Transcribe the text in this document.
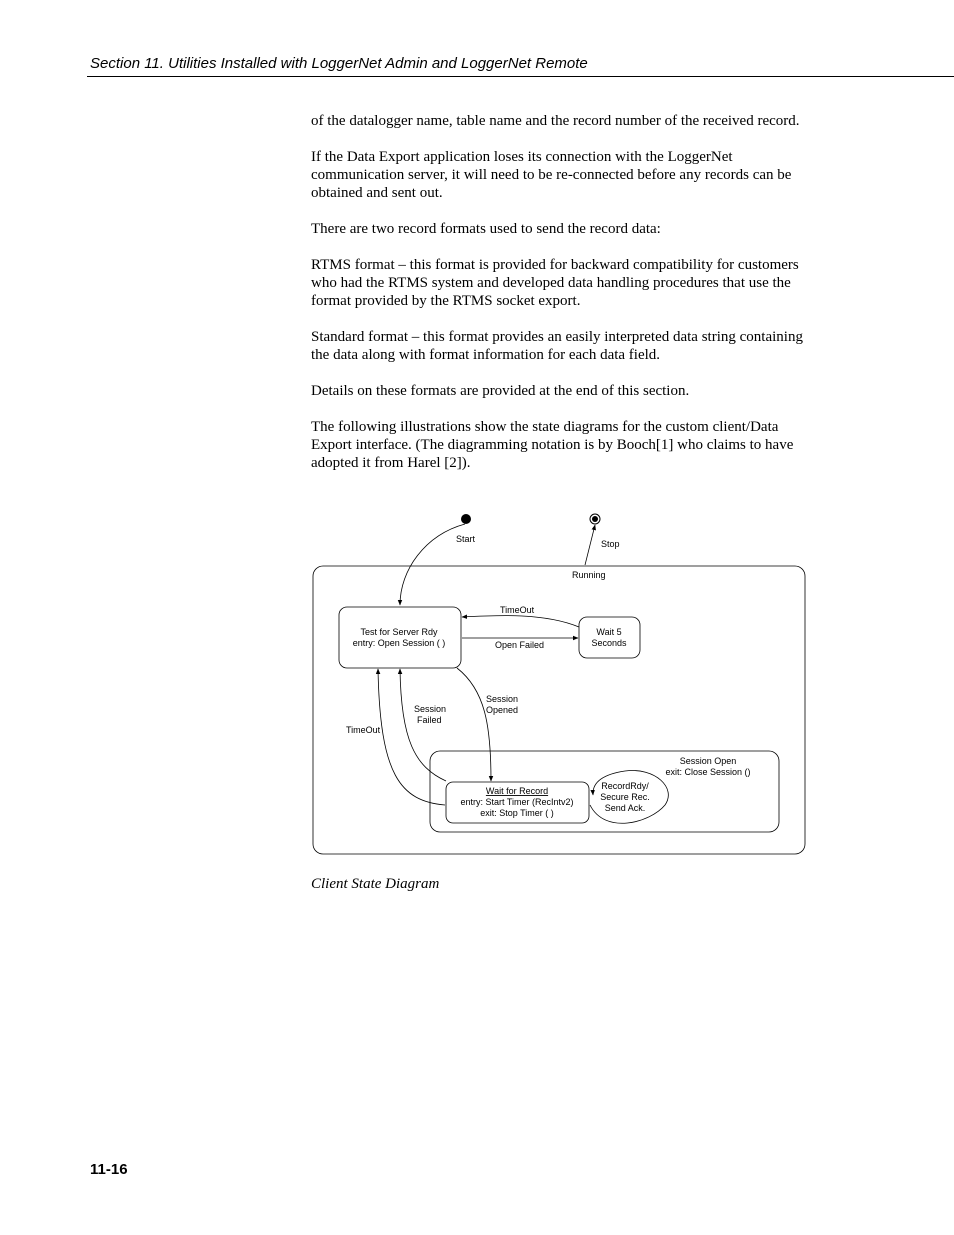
Section 11. Utilities Installed with LoggerNet Admin and LoggerNet Remote

of the datalogger name, table name and the record number of the received record.

If the Data Export application loses its connection with the LoggerNet communication server, it will need to be re-connected before any records can be obtained and sent out.

There are two record formats used to send the record data:

RTMS format – this format is provided for backward compatibility for customers who had the RTMS system and developed data handling procedures that use the format provided by the RTMS socket export.

Standard format – this format provides an easily interpreted data string containing the data along with format information for each data field.

Details on these formats are provided at the end of this section.

The following illustrations show the state diagrams for the custom client/Data Export interface. (The diagramming notation is by Booch[1] who claims to have adopted it from Harel [2]).

Start	Stop
Running
Test for Server Rdy
entry: Open Session ( )
Wait 5
Seconds
TimeOut
Open Failed
Session
Opened
Session
Failed
TimeOut
Session Open
exit: Close Session ()
Wait for Record
entry: Start Timer (RecIntv2)
exit: Stop Timer ( )
RecordRdy/
Secure Rec.
Send Ack.
Client State Diagram
11-16
